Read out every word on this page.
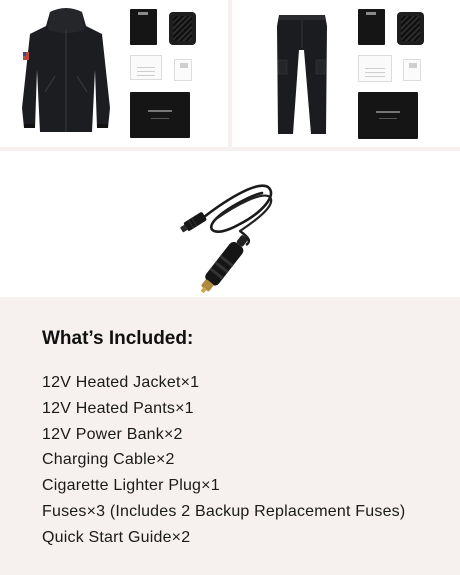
What’s Included:
12V Heated Jacket×1
12V Heated Pants×1
12V Power Bank×2
Charging Cable×2
Cigarette Lighter Plug×1
Fuses×3 (Includes 2 Backup Replacement Fuses)
Quick Start Guide×2
